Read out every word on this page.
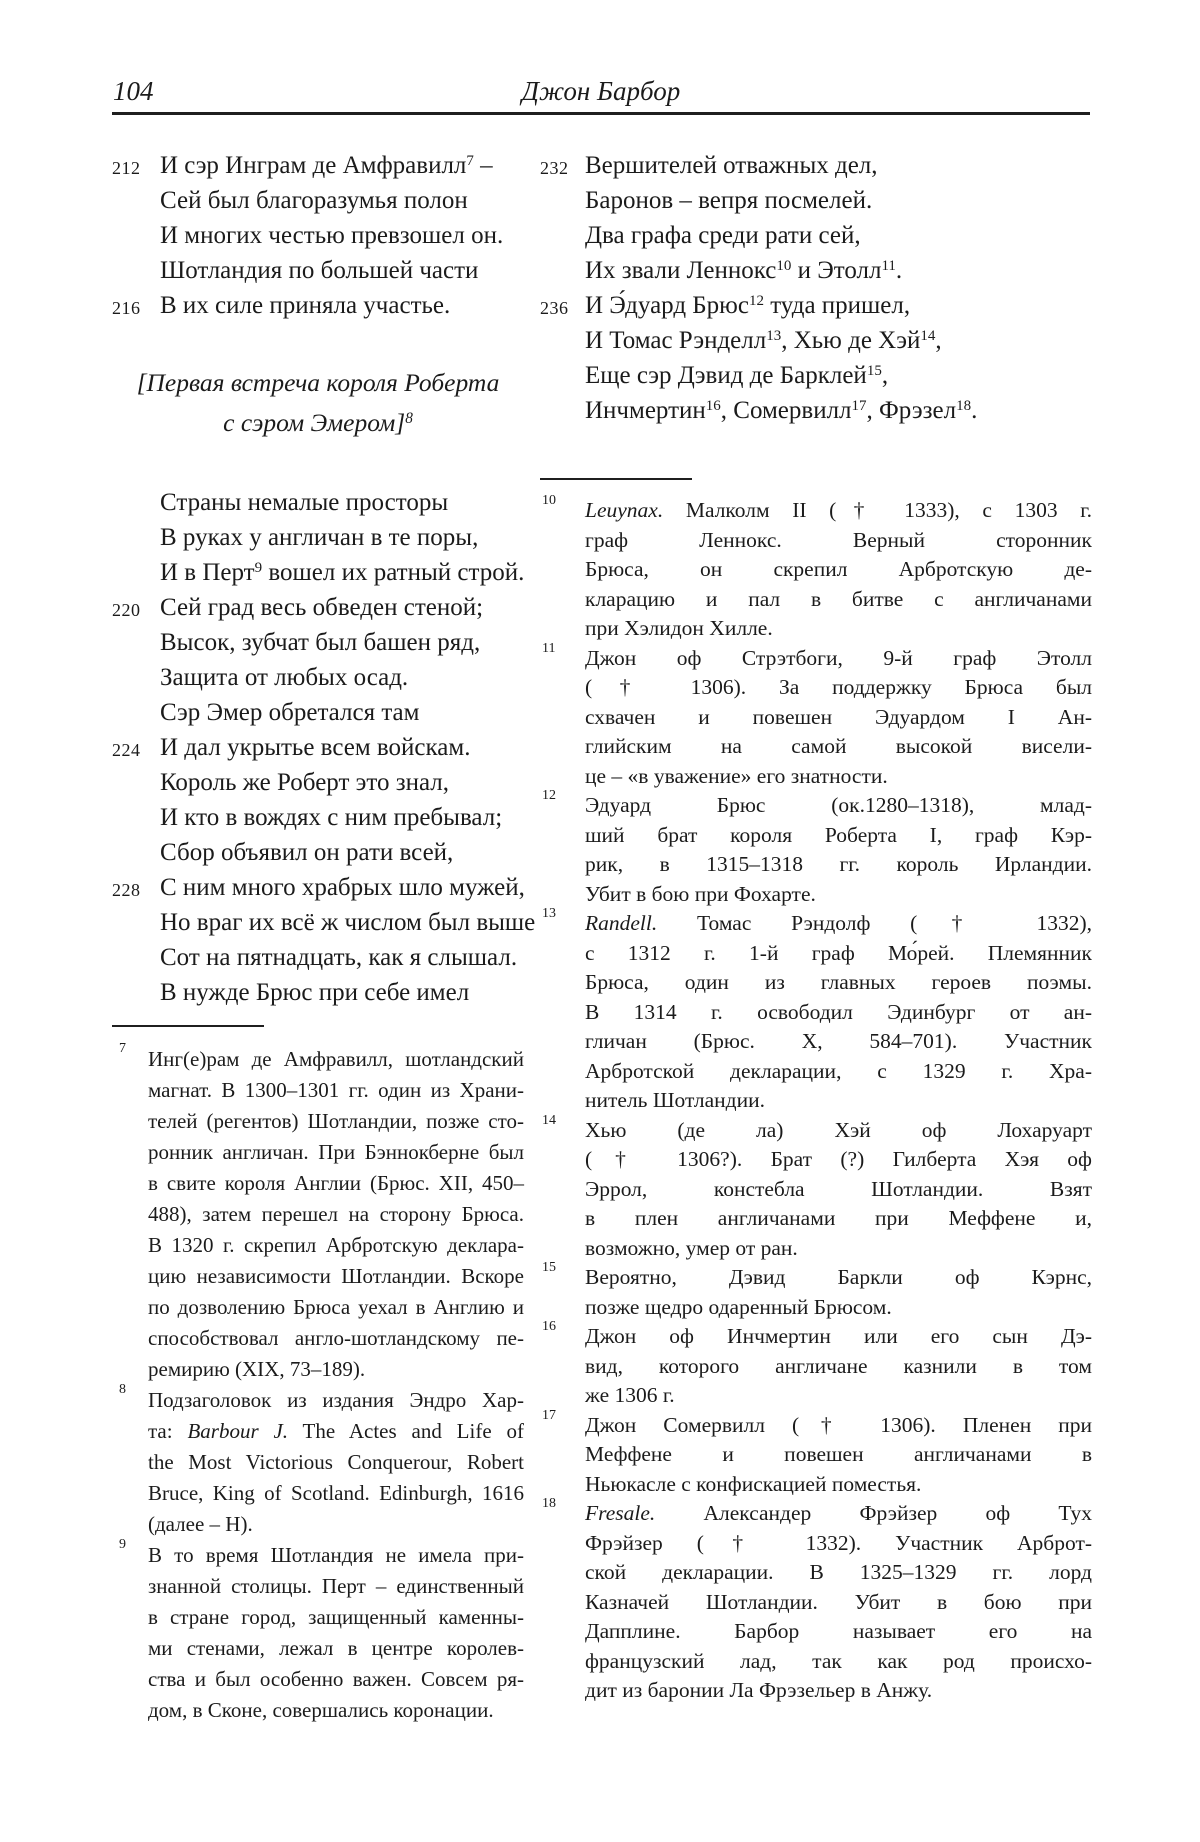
104	Джон Барбор
212 И сэр Инграм де Амфравилл$^7$ –
Сей был благоразумья полон
И многих честью превзошел он.
Шотландия по большей части
216 В их силе приняла участье.
[Первая встреча короля Роберта
с сэром Эмером]$^8$
Страны немалые просторы
В руках у англичан в те поры,
И в Перт$^9$ вошел их ратный строй.
220 Сей град весь обведен стеной;
Высок, зубчат был башен ряд,
Защита от любых осад.
Сэр Эмер обретался там
224 И дал укрытье всем войскам.
Король же Роберт это знал,
И кто в вождях с ним пребывал;
Сбор объявил он рати всей,
228 С ним много храбрых шло мужей,
Но враг их всё ж числом был выше
Сот на пятнадцать, как я слышал.
В нужде Брюс при себе имел
7 Инг(е)рам де Амфравилл, шотландский
магнат. В 1300–1301 гг. один из Храни-
телей (регентов) Шотландии, позже сто-
ронник англичан. При Бэннокберне был
в свите короля Англии (Брюс. XII, 450–
488), затем перешел на сторону Брюса.
В 1320 г. скрепил Арбротскую деклара-
цию независимости Шотландии. Вскоре
по дозволению Брюса уехал в Англию и
способствовал англо-шотландскому пе-
ремирию (XIX, 73–189).
8 Подзаголовок из издания Эндро Хар-
та: Barbour J. The Actes and Life of
the Most Victorious Conquerour, Robert
Bruce, King of Scotland. Edinburgh, 1616
(далее – H).
9 В то время Шотландия не имела при-
знанной столицы. Перт – единственный
в стране город, защищенный каменны-
ми стенами, лежал в центре королев-
ства и был особенно важен. Совсем ря-
дом, в Сконе, совершались коронации.
232 Вершителей отважных дел,
Баронов – вепря посмелей.
Два графа среди рати сей,
Их звали Леннокс$^{10}$ и Этолл$^{11}$.
236 И Э́дуард Брюс$^{12}$ туда пришел,
И Томас Рэнделл$^{13}$, Хью де Хэй$^{14}$,
Еще сэр Дэвид де Барклей$^{15}$,
Инчмертин$^{16}$, Сомервилл$^{17}$, Фрэзел$^{18}$.
10 Leuynax. Малколм II († 1333), с 1303 г.
граф Леннокс. Верный сторонник
Брюса, он скрепил Арбротскую де-
кларацию и пал в битве с англичанами
при Хэлидон Хилле.
11 Джон оф Стрэтбоги, 9-й граф Этолл
(† 1306). За поддержку Брюса был
схвачен и повешен Эдуардом I Ан-
глийским на самой высокой висели-
це – «в уважение» его знатности.
12 Эдуард Брюс (ок.1280–1318), млад-
ший брат короля Роберта I, граф Кэр-
рик, в 1315–1318 гг. король Ирландии.
Убит в бою при Фохарте.
13 Randell. Томас Рэндолф († 1332),
с 1312 г. 1-й граф Мо́рей. Племянник
Брюса, один из главных героев поэмы.
В 1314 г. освободил Эдинбург от ан-
гличан (Брюс. X, 584–701). Участник
Арбротской декларации, с 1329 г. Хра-
нитель Шотландии.
14 Хью (де ла) Хэй оф Лохаруарт
(† 1306?). Брат (?) Гилберта Хэя оф
Эррол, констебла Шотландии. Взят
в плен англичанами при Меффене и,
возможно, умер от ран.
15 Вероятно, Дэвид Баркли оф Кэрнс,
позже щедро одаренный Брюсом.
16 Джон оф Инчмертин или его сын Дэ-
вид, которого англичане казнили в том
же 1306 г.
17 Джон Сомервилл († 1306). Пленен при
Меффене и повешен англичанами в
Ньюкасле с конфискацией поместья.
18 Fresale. Александер Фрэйзер оф Тух
Фрэйзер († 1332). Участник Арброт-
ской декларации. В 1325–1329 гг. лорд
Казначей Шотландии. Убит в бою при
Дапплине. Барбор называет его на
французский лад, так как род происхо-
дит из баронии Ла Фрэзельер в Анжу.
